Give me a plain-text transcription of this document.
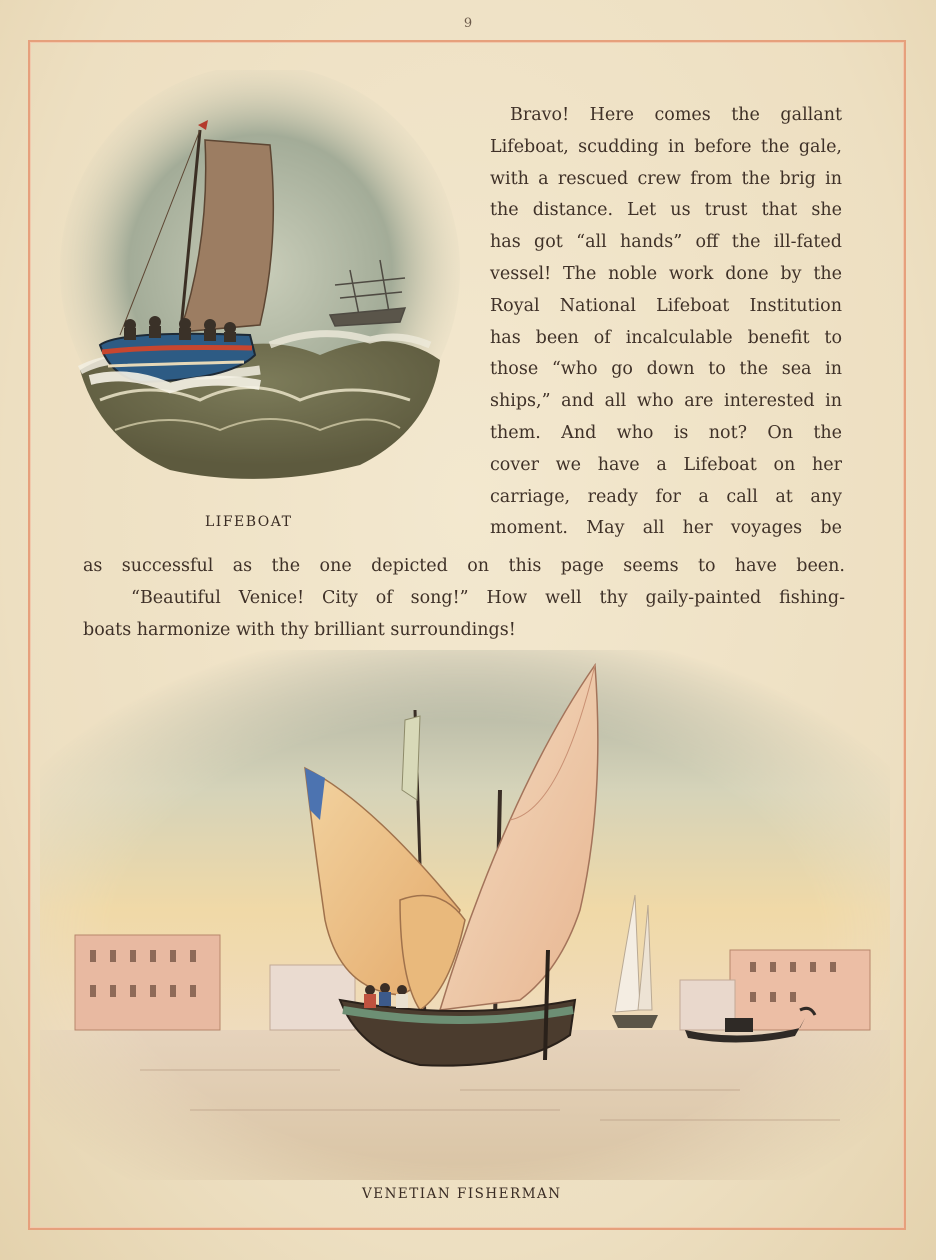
9
LIFEBOAT

Bravo! Here comes the gallant

Lifeboat, scudding in before the gale,

with a rescued crew from the brig in

the distance. Let us trust that she

has got “all hands” off the ill-fated

vessel! The noble work done by the

Royal National Lifeboat Institution

has been of incalculable benefit to

those “who go down to the sea in

ships,” and all who are interested in

them. And who is not? On the

cover we have a Lifeboat on her

carriage, ready for a call at any

moment. May all her voyages be

as successful as the one depicted on this page seems to have been.
“Beautiful Venice! City of song!” How well thy gaily-painted fishing-
boats harmonize with thy brilliant surroundings!
VENETIAN FISHERMAN
